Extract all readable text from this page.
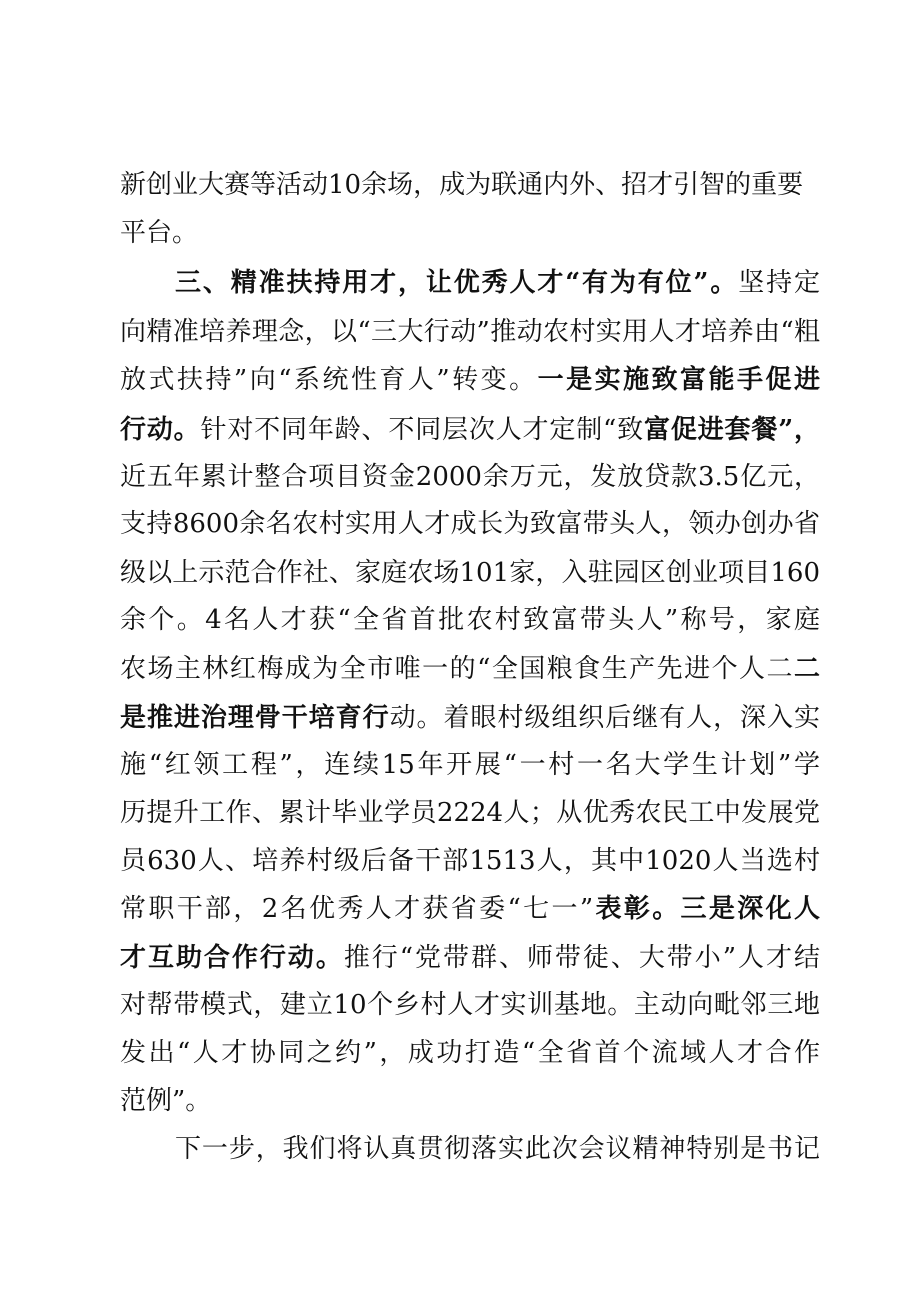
新创业大赛等活动10余场，成为联通内外、招才引智的重要
平台。
三、精准扶持用才，让优秀人才“有为有位”。坚持定
向精准培养理念，以“三大行动”推动农村实用人才培养由“粗
放式扶持”向“系统性育人”转变。一是实施致富能手促进
行动。针对不同年龄、不同层次人才定制“致富促进套餐”，
近五年累计整合项目资金2000余万元，发放贷款3.5亿元，
支持8600余名农村实用人才成长为致富带头人，领办创办省
级以上示范合作社、家庭农场101家，入驻园区创业项目160
余个。4名人才获“全省首批农村致富带头人”称号，家庭
农场主林红梅成为全市唯一的“全国粮食生产先进个人二二
是推进治理骨干培育行动。着眼村级组织后继有人，深入实
施“红领工程”，连续15年开展“一村一名大学生计划”学
历提升工作、累计毕业学员2224人；从优秀农民工中发展党
员630人、培养村级后备干部1513人，其中1020人当选村
常职干部，2名优秀人才获省委“七一”表彰。三是深化人
才互助合作行动。推行“党带群、师带徒、大带小”人才结
对帮带模式，建立10个乡村人才实训基地。主动向毗邻三地
发出“人才协同之约”，成功打造“全省首个流域人才合作
范例”。
下一步，我们将认真贯彻落实此次会议精神特别是书记
